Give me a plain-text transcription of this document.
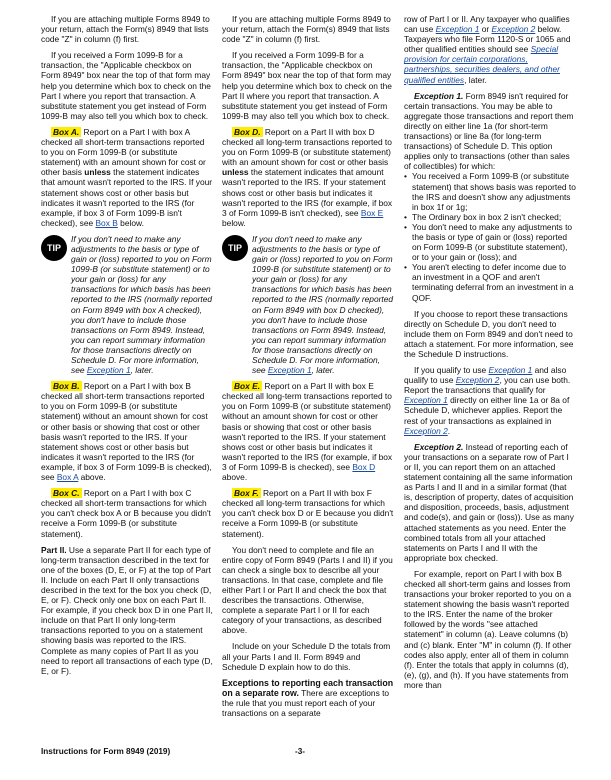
If you are attaching multiple Forms 8949 to your return, attach the Form(s) 8949 that lists code "Z" in column (f) first.

If you received a Form 1099-B for a transaction, the "Applicable checkbox on Form 8949" box near the top of that form may help you determine which box to check on the Part I where you report that transaction. A substitute statement you get instead of Form 1099-B may also tell you which box to check.

Box A. Report on a Part I with box A checked all short-term transactions reported to you on Form 1099-B (or substitute statement) with an amount shown for cost or other basis unless the statement indicates that amount wasn't reported to the IRS. If your statement shows cost or other basis but indicates it wasn't reported to the IRS (for example, if box 3 of Form 1099-B isn't checked), see Box B below.

TIP
If you don't need to make any adjustments to the basis or type of gain or (loss) reported to you on Form 1099-B (or substitute statement) or to your gain or (loss) for any transactions for which basis has been reported to the IRS (normally reported on Form 8949 with box A checked), you don't have to include those transactions on Form 8949. Instead, you can report summary information for those transactions directly on Schedule D. For more information, see Exception 1, later.

Box B. Report on a Part I with box B checked all short-term transactions reported to you on Form 1099-B (or substitute statement) without an amount shown for cost or other basis or showing that cost or other basis wasn't reported to the IRS. If your statement shows cost or other basis but indicates it wasn't reported to the IRS (for example, if box 3 of Form 1099-B is checked), see Box A above.

Box C. Report on a Part I with box C checked all short-term transactions for which you can't check box A or B because you didn't receive a Form 1099-B (or substitute statement).

Part II. Use a separate Part II for each type of long-term transaction described in the text for one of the boxes (D, E, or F) at the top of Part II. Include on each Part II only transactions described in the text for the box you check (D, E, or F). Check only one box on each Part II. For example, if you check box D in one Part II, include on that Part II only long-term transactions reported to you on a statement showing basis was reported to the IRS. Complete as many copies of Part II as you need to report all transactions of each type (D, E, or F).

If you are attaching multiple Forms 8949 to your return, attach the Form(s) 8949 that lists code "Z" in column (f) first.

If you received a Form 1099-B for a transaction, the "Applicable checkbox on Form 8949" box near the top of that form may help you determine which box to check on the Part II where you report that transaction. A substitute statement you get instead of Form 1099-B may also tell you which box to check.

Box D. Report on a Part II with box D checked all long-term transactions reported to you on Form 1099-B (or substitute statement) with an amount shown for cost or other basis unless the statement indicates that amount wasn't reported to the IRS. If your statement shows cost or other basis but indicates it wasn't reported to the IRS (for example, if box 3 of Form 1099-B isn't checked), see Box E below.

TIP
If you don't need to make any adjustments to the basis or type of gain or (loss) reported to you on Form 1099-B (or substitute statement) or to your gain or (loss) for any transactions for which basis has been reported to the IRS (normally reported on Form 8949 with box D checked), you don't have to include those transactions on Form 8949. Instead, you can report summary information for those transactions directly on Schedule D. For more information, see Exception 1, later.

Box E. Report on a Part II with box E checked all long-term transactions reported to you on Form 1099-B (or substitute statement) without an amount shown for cost or other basis or showing that cost or other basis wasn't reported to the IRS. If your statement shows cost or other basis but indicates it wasn't reported to the IRS (for example, if box 3 of Form 1099-B is checked), see Box D above.

Box F. Report on a Part II with box F checked all long-term transactions for which you can't check box D or E because you didn't receive a Form 1099-B (or substitute statement).

You don't need to complete and file an entire copy of Form 8949 (Parts I and II) if you can check a single box to describe all your transactions. In that case, complete and file either Part I or Part II and check the box that describes the transactions. Otherwise, complete a separate Part I or II for each category of your transactions, as described above.

Include on your Schedule D the totals from all your Parts I and II. Form 8949 and Schedule D explain how to do this.

Exceptions to reporting each transaction on a separate row. There are exceptions to the rule that you must report each of your transactions on a separate

row of Part I or II. Any taxpayer who qualifies can use Exception 1 or Exception 2 below. Taxpayers who file Form 1120-S or 1065 and other qualified entities should see Special provision for certain corporations, partnerships, securities dealers, and other qualified entities, later.

Exception 1. Form 8949 isn't required for certain transactions. You may be able to aggregate those transactions and report them directly on either line 1a (for short-term transactions) or line 8a (for long-term transactions) of Schedule D. This option applies only to transactions (other than sales of collectibles) for which:

• You received a Form 1099-B (or substitute statement) that shows basis was reported to the IRS and doesn't show any adjustments in box 1f or 1g;

• The Ordinary box in box 2 isn't checked;

• You don't need to make any adjustments to the basis or type of gain or (loss) reported on Form 1099-B (or substitute statement), or to your gain or (loss); and

• You aren't electing to defer income due to an investment in a QOF and aren't terminating deferral from an investment in a QOF.

If you choose to report these transactions directly on Schedule D, you don't need to include them on Form 8949 and don't need to attach a statement. For more information, see the Schedule D instructions.

If you qualify to use Exception 1 and also qualify to use Exception 2, you can use both. Report the transactions that qualify for Exception 1 directly on either line 1a or 8a of Schedule D, whichever applies. Report the rest of your transactions as explained in Exception 2.

Exception 2. Instead of reporting each of your transactions on a separate row of Part I or II, you can report them on an attached statement containing all the same information as Parts I and II and in a similar format (that is, description of property, dates of acquisition and disposition, proceeds, basis, adjustment and code(s), and gain or (loss)). Use as many attached statements as you need. Enter the combined totals from all your attached statements on Parts I and II with the appropriate box checked.

For example, report on Part I with box B checked all short-term gains and losses from transactions your broker reported to you on a statement showing the basis wasn't reported to the IRS. Enter the name of the broker followed by the words "see attached statement" in column (a). Leave columns (b) and (c) blank. Enter "M" in column (f). If other codes also apply, enter all of them in column (f). Enter the totals that apply in columns (d), (e), (g), and (h). If you have statements from more than

Instructions for Form 8949 (2019)	-3-
